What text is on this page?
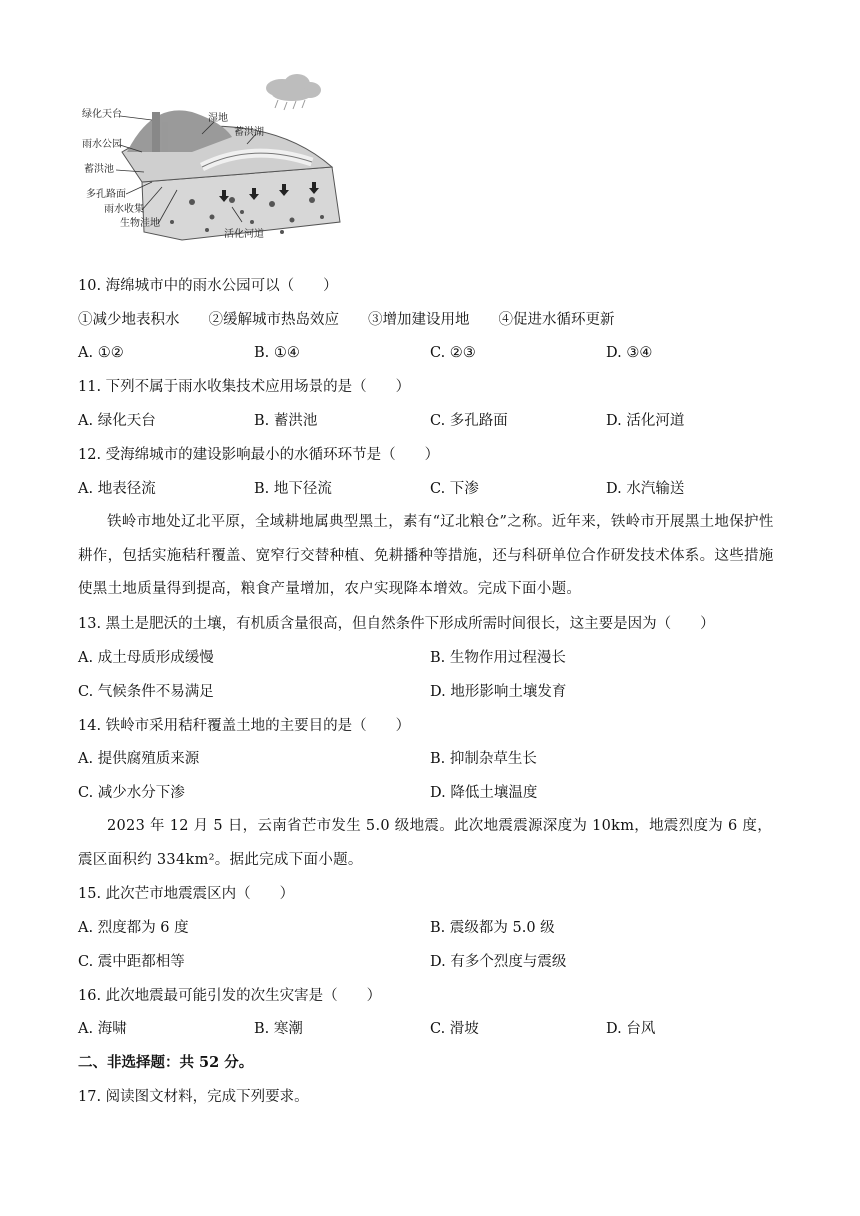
绿化天台	湿地
蓄洪湖
雨水公园
蓄洪池
多孔路面
雨水收集
生物洼地
活化河道
10. 海绵城市中的雨水公园可以（　　）
①减少地表积水　　②缓解城市热岛效应　　③增加建设用地　　④促进水循环更新
A. ①②	B. ①④	C. ②③	D. ③④
11. 下列不属于雨水收集技术应用场景的是（　　）
A. 绿化天台	B. 蓄洪池	C. 多孔路面	D. 活化河道
12. 受海绵城市的建设影响最小的水循环环节是（　　）
A. 地表径流	B. 地下径流	C. 下渗	D. 水汽输送
铁岭市地处辽北平原，全域耕地属典型黑土，素有“辽北粮仓”之称。近年来，铁岭市开展黑土地保护性耕作，包括实施秸秆覆盖、宽窄行交替种植、免耕播种等措施，还与科研单位合作研发技术体系。这些措施使黑土地质量得到提高，粮食产量增加，农户实现降本增效。完成下面小题。
13. 黑土是肥沃的土壤，有机质含量很高，但自然条件下形成所需时间很长，这主要是因为（　　）
A. 成土母质形成缓慢	B. 生物作用过程漫长
C. 气候条件不易满足	D. 地形影响土壤发育
14. 铁岭市采用秸秆覆盖土地的主要目的是（　　）
A. 提供腐殖质来源	B. 抑制杂草生长
C. 减少水分下渗	D. 降低土壤温度
2023 年 12 月 5 日，云南省芒市发生 5.0 级地震。此次地震震源深度为 10km，地震烈度为 6 度，震区面积约 334km²。据此完成下面小题。
15. 此次芒市地震震区内（　　）
A. 烈度都为 6 度	B. 震级都为 5.0 级
C. 震中距都相等	D. 有多个烈度与震级
16. 此次地震最可能引发的次生灾害是（　　）
A. 海啸	B. 寒潮	C. 滑坡	D. 台风
二、非选择题：共 52 分。
17. 阅读图文材料，完成下列要求。
